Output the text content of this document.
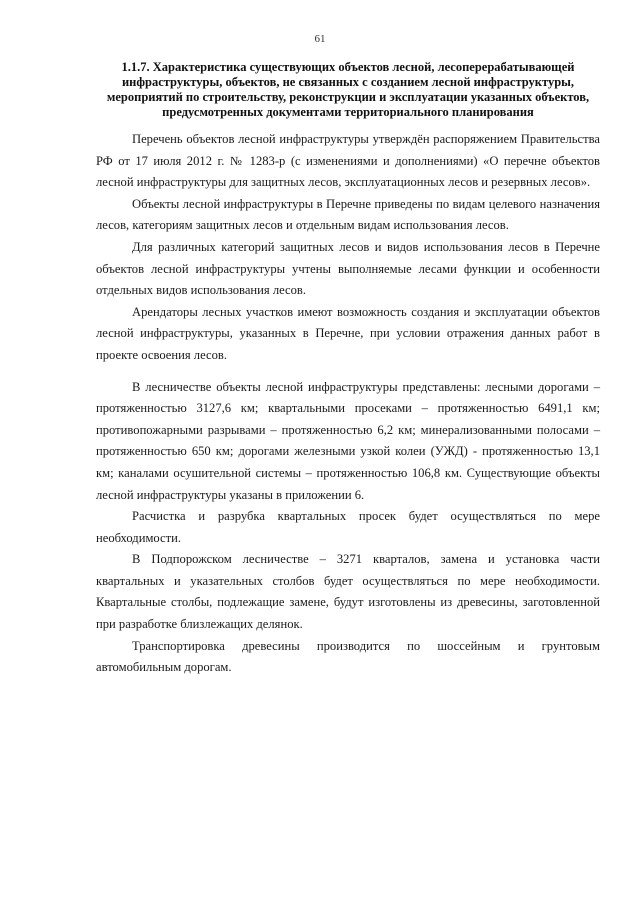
61
1.1.7. Характеристика существующих объектов лесной, лесоперерабатывающей инфраструктуры, объектов, не связанных с созданием лесной инфраструктуры, мероприятий по строительству, реконструкции и эксплуатации указанных объектов, предусмотренных документами территориального планирования

Перечень объектов лесной инфраструктуры утверждён распоряжением Правительства РФ от 17 июля 2012 г. № 1283-р (с изменениями и дополнениями) «О перечне объектов лесной инфраструктуры для защитных лесов, эксплуатационных лесов и резервных лесов».

Объекты лесной инфраструктуры в Перечне приведены по видам целевого назначения лесов, категориям защитных лесов и отдельным видам использования лесов.

Для различных категорий защитных лесов и видов использования лесов в Перечне объектов лесной инфраструктуры учтены выполняемые лесами функции и особенности отдельных видов использования лесов.

Арендаторы лесных участков имеют возможность создания и эксплуатации объектов лесной инфраструктуры, указанных в Перечне, при условии отражения данных работ в проекте освоения лесов.

В лесничестве объекты лесной инфраструктуры представлены: лесными дорогами – протяженностью 3127,6 км; квартальными просеками – протяженностью 6491,1 км; противопожарными разрывами – протяженностью 6,2 км; минерализованными полосами – протяженностью 650 км; дорогами железными узкой колеи (УЖД) - протяженностью 13,1 км; каналами осушительной системы – протяженностью 106,8 км. Существующие объекты лесной инфраструктуры указаны в приложении 6.

Расчистка и разрубка квартальных просек будет осуществляться по мере необходимости.

В Подпорожском лесничестве – 3271 кварталов, замена и установка части квартальных и указательных столбов будет осуществляться по мере необходимости. Квартальные столбы, подлежащие замене, будут изготовлены из древесины, заготовленной при разработке близлежащих делянок.

Транспортировка древесины производится по шоссейным и грунтовым автомобильным дорогам.
